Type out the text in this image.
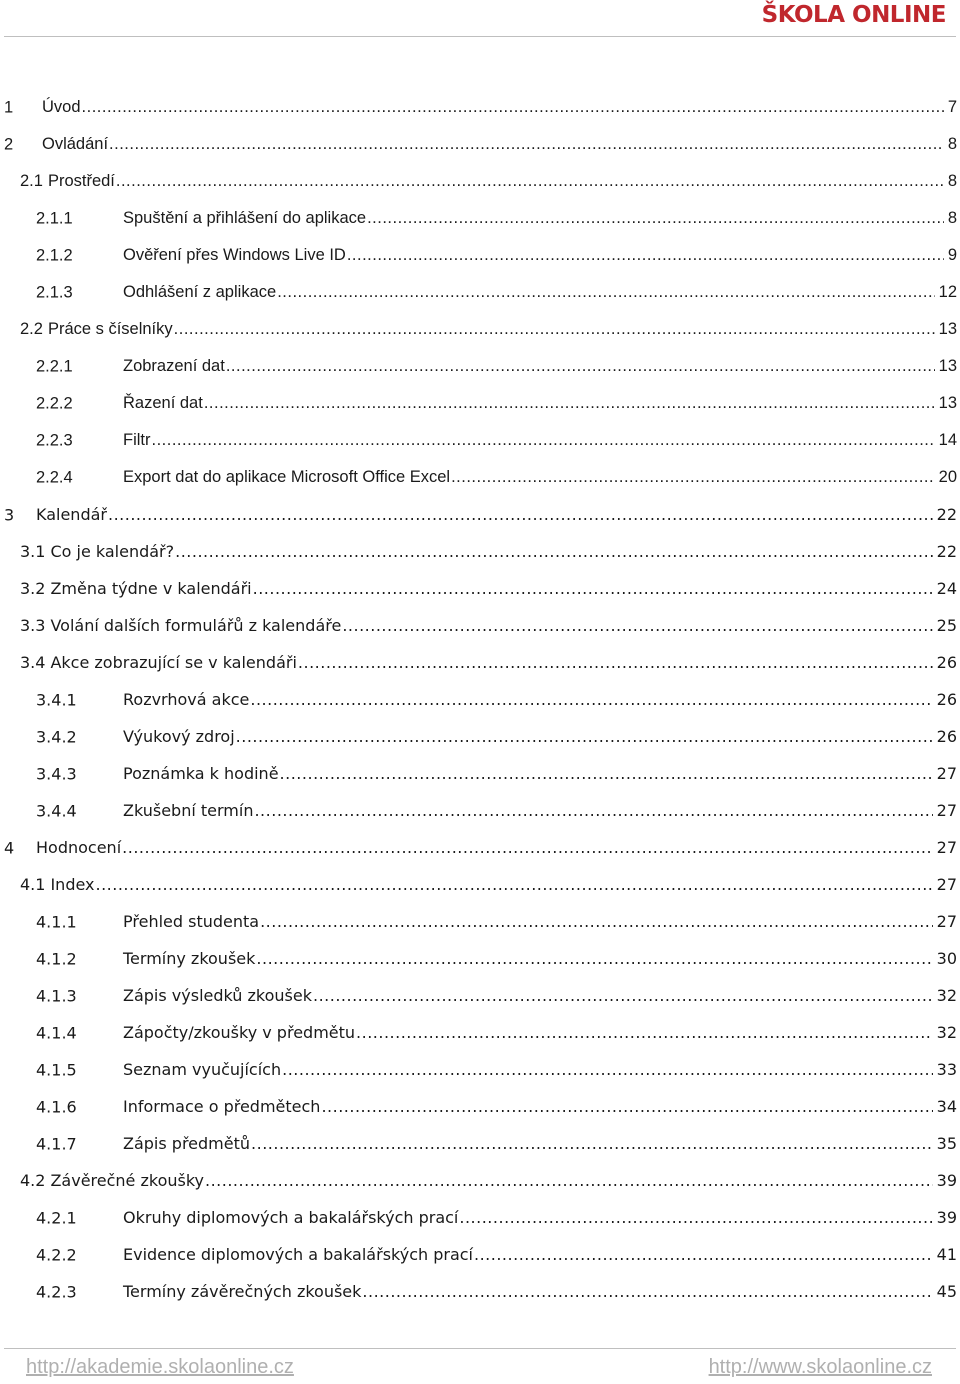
ŠKOLA ONLINE
1 Úvod .....	7
2 Ovládání .....	8
2.1 Prostředí .....	8
2.1.1	Spuštění a přihlášení do aplikace .....	8
2.1.2	Ověření přes Windows Live ID .....	9
2.1.3	Odhlášení z aplikace .....	12
2.2 Práce s číselníky .....	13
2.2.1	Zobrazení dat .....	13
2.2.2	Řazení dat .....	13
2.2.3	Filtr .....	14
2.2.4	Export dat do aplikace Microsoft Office Excel .....	20
3 Kalendář .....	22
3.1 Co je kalendář? .....	22
3.2 Změna týdne v kalendáři .....	24
3.3 Volání dalších formulářů z kalendáře .....	25
3.4 Akce zobrazující se v kalendáři .....	26
3.4.1	Rozvrhová akce .....	26
3.4.2	Výukový zdroj .....	26
3.4.3	Poznámka k hodině .....	27
3.4.4	Zkušební termín .....	27
4 Hodnocení .....	27
4.1 Index .....	27
4.1.1	Přehled studenta .....	27
4.1.2	Termíny zkoušek .....	30
4.1.3	Zápis výsledků zkoušek .....	32
4.1.4	Zápočty/zkoušky v předmětu .....	32
4.1.5	Seznam vyučujících .....	33
4.1.6	Informace o předmětech .....	34
4.1.7	Zápis předmětů .....	35
4.2 Závěrečné zkoušky .....	39
4.2.1	Okruhy diplomových a bakalářských prací .....	39
4.2.2	Evidence diplomových a bakalářských prací .....	41
4.2.3	Termíny závěrečných zkoušek .....	45
http://akademie.skolaonline.cz	http://www.skolaonline.cz
